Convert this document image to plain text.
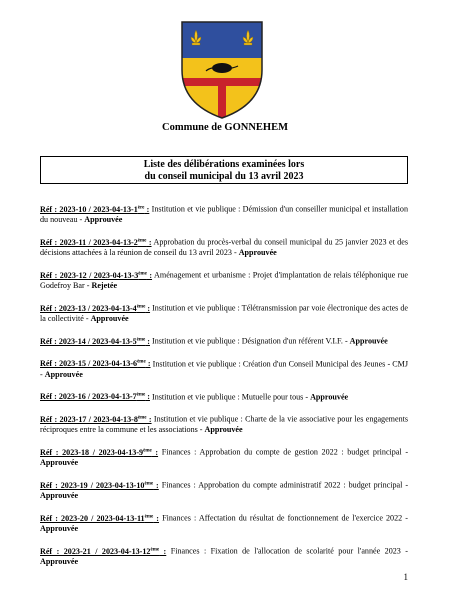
Commune de GONNEHEM
Liste des délibérations examinées lors
du conseil municipal du 13 avril 2023

Réf : 2023-10 / 2023-04-13-1ère : Institution et vie publique : Démission d'un conseiller municipal et installation du nouveau - Approuvée

Réf : 2023-11 / 2023-04-13-2ème : Approbation du procès-verbal du conseil municipal du 25 janvier 2023 et des décisions attachées à la réunion de conseil du 13 avril 2023 - Approuvée

Réf : 2023-12 / 2023-04-13-3ème : Aménagement et urbanisme : Projet d'implantation de relais téléphonique rue Godefroy Bar - Rejetée

Réf : 2023-13 / 2023-04-13-4ème : Institution et vie publique : Télétransmission par voie électronique des actes de la collectivité - Approuvée

Réf : 2023-14 / 2023-04-13-5ème : Institution et vie publique : Désignation d'un référent V.I.F. - Approuvée

Réf : 2023-15 / 2023-04-13-6ème : Institution et vie publique : Création d'un Conseil Municipal des Jeunes - CMJ - Approuvée

Réf : 2023-16 / 2023-04-13-7ème : Institution et vie publique : Mutuelle pour tous - Approuvée

Réf : 2023-17 / 2023-04-13-8ème : Institution et vie publique : Charte de la vie associative pour les engagements réciproques entre la commune et les associations - Approuvée

Réf : 2023-18 / 2023-04-13-9ème : Finances : Approbation du compte de gestion 2022 : budget principal - Approuvée

Réf : 2023-19 / 2023-04-13-10ème : Finances : Approbation du compte administratif 2022 : budget principal - Approuvée

Réf : 2023-20 / 2023-04-13-11ème : Finances : Affectation du résultat de fonctionnement de l'exercice 2022 - Approuvée

Réf : 2023-21 / 2023-04-13-12ème : Finances : Fixation de l'allocation de scolarité pour l'année 2023 - Approuvée

1
